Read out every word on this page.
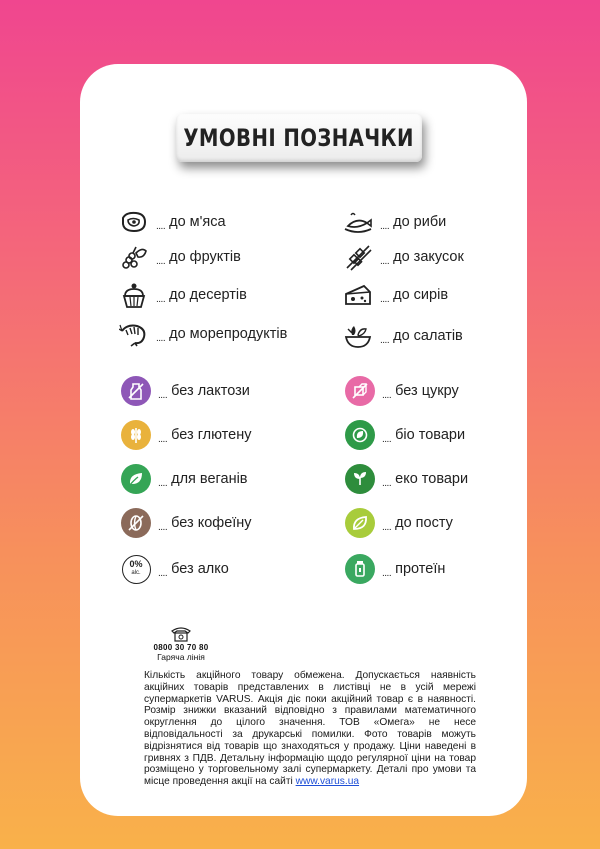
УМОВНІ ПОЗНАЧКИ
.... до м'яса
.... до фруктів
.... до десертів
.... до морепродуктів
.... до риби
.... до закусок
.... до сирів
.... до салатів
.... без лактози
.... без глютену
.... для веганів
.... без кофеїну
0%
alc. .... без алко
.... без цукру
.... біо товари
.... еко товари
.... до посту
.... протеїн
0800 30 70 80
Гаряча лінія
Кількість акційного товару обмежена. Допускається наявність акційних товарів представлених в листівці не в усій мережі супермаркетів VARUS. Акція діє поки акційний товар є в наявності. Розмір знижки вказаний відповідно з правилами математичного округлення до цілого значення. ТОВ «Омега» не несе відповідальності за друкарські помилки. Фото товарів можуть відрізнятися від товарів що знаходяться у продажу. Ціни наведені в гривнях з ПДВ. Детальну інформацію щодо регулярної ціни на товар розміщено у торговельному залі супермаркету. Деталі про умови та місце проведення акції на сайті www.varus.ua
